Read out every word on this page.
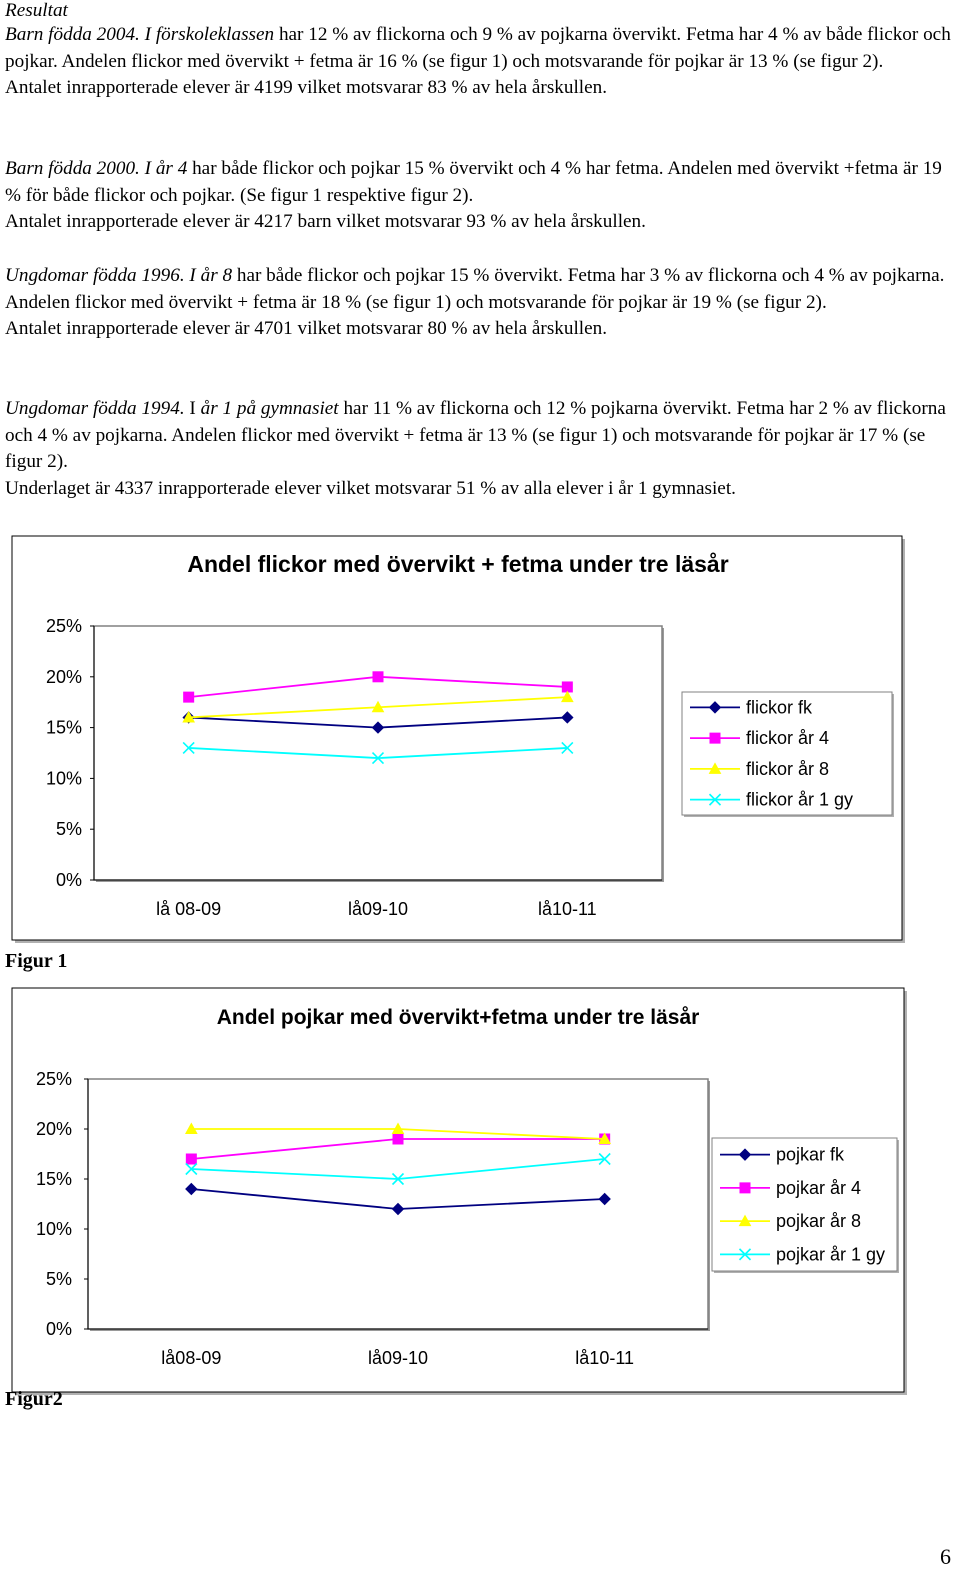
Resultat

Barn födda 2004. I förskoleklassen har 12 % av flickorna och 9 % av pojkarna övervikt. Fetma har 4 % av både flickor och pojkar. Andelen flickor med övervikt + fetma är 16 % (se figur 1) och motsvarande för pojkar är 13 % (se figur 2).

Antalet inrapporterade elever är 4199 vilket motsvarar 83 % av hela årskullen.

Barn födda 2000. I år 4 har både flickor och pojkar 15 % övervikt och 4 % har fetma. Andelen med övervikt +fetma är 19 % för både flickor och pojkar. (Se figur 1 respektive figur 2).

Antalet inrapporterade elever är 4217 barn vilket motsvarar 93 % av hela årskullen.

Ungdomar födda 1996. I år 8 har både flickor och pojkar 15 % övervikt. Fetma har 3 % av flickorna och 4 % av pojkarna. Andelen flickor med övervikt + fetma är 18 % (se figur 1) och motsvarande för pojkar är 19 % (se figur 2).

Antalet inrapporterade elever är 4701 vilket motsvarar 80 % av hela årskullen.

Ungdomar födda 1994. I år 1 på gymnasiet har 11 % av flickorna och 12 % pojkarna övervikt. Fetma har 2 % av flickorna och 4 % av pojkarna. Andelen flickor med övervikt + fetma är 13 % (se figur 1) och motsvarande för pojkar är 17 % (se figur 2).

Underlaget är 4337 inrapporterade elever vilket motsvarar 51 % av alla elever i år 1 gymnasiet.

Andel flickor med övervikt + fetma under tre läsår
0%
5%
10%
15%
20%
25%
lå 08-09	lå09-10	lå10-11
flickor fk
flickor år 4
flickor år 8
flickor år 1 gy
Figur 1
Andel pojkar med övervikt+fetma under tre läsår
0%
5%
10%
15%
20%
25%
lå08-09	lå09-10	lå10-11
pojkar fk
pojkar år 4
pojkar år 8
pojkar år 1 gy
Figur2
6
